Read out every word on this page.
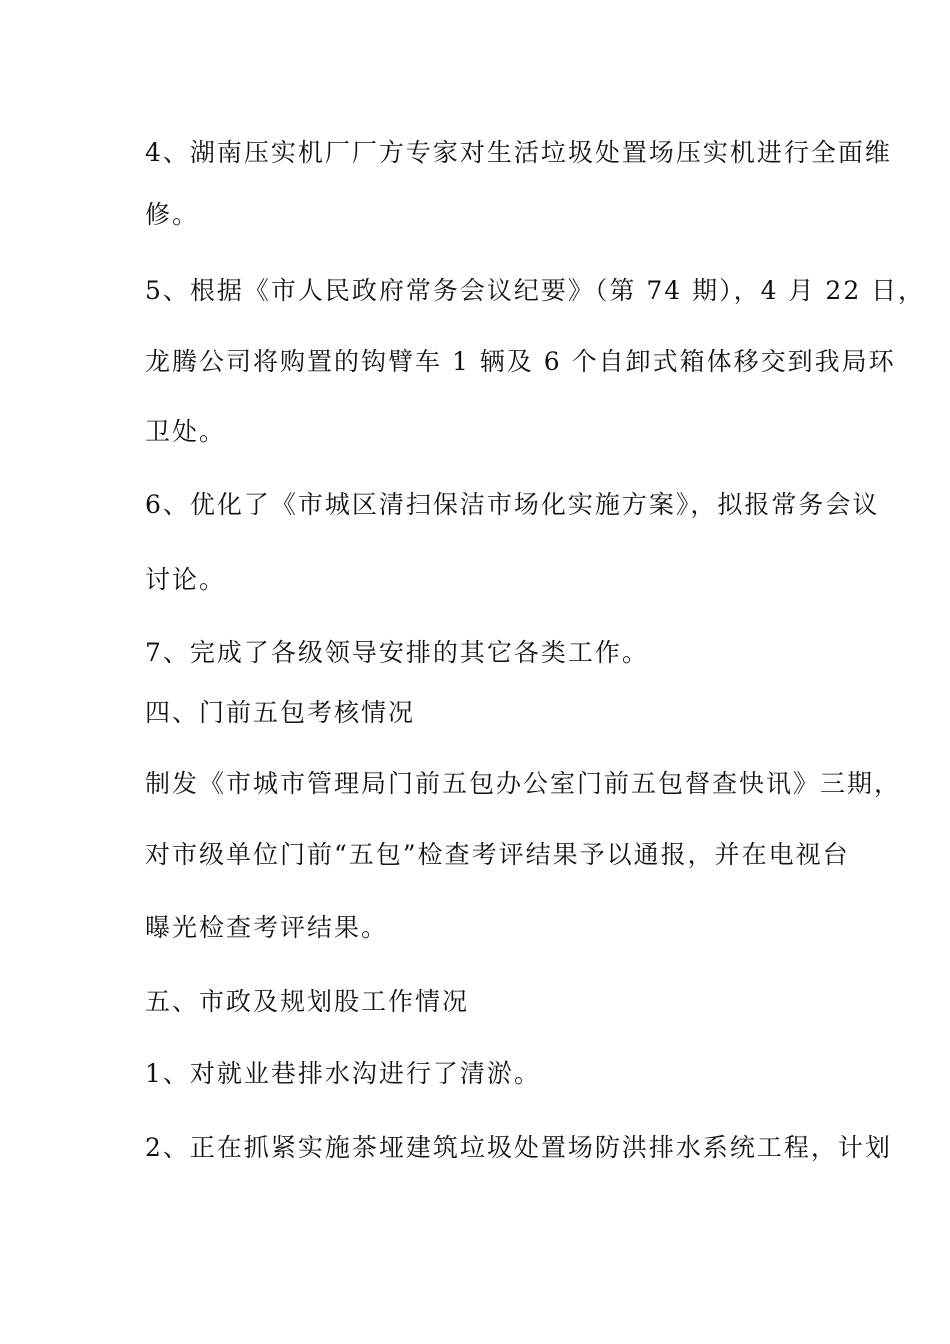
4、湖南压实机厂厂方专家对生活垃圾处置场压实机进行全面维
修。
5、根据《市人民政府常务会议纪要》（第 74 期），4 月 22 日，
龙腾公司将购置的钩臂车 1 辆及 6 个自卸式箱体移交到我局环
卫处。
6、优化了《市城区清扫保洁市场化实施方案》，拟报常务会议
讨论。
7、完成了各级领导安排的其它各类工作。
四、门前五包考核情况
制发《市城市管理局门前五包办公室门前五包督查快讯》三期，
对市级单位门前“五包”检查考评结果予以通报，并在电视台
曝光检查考评结果。
五、市政及规划股工作情况
1、对就业巷排水沟进行了清淤。
2、正在抓紧实施茶垭建筑垃圾处置场防洪排水系统工程，计划
